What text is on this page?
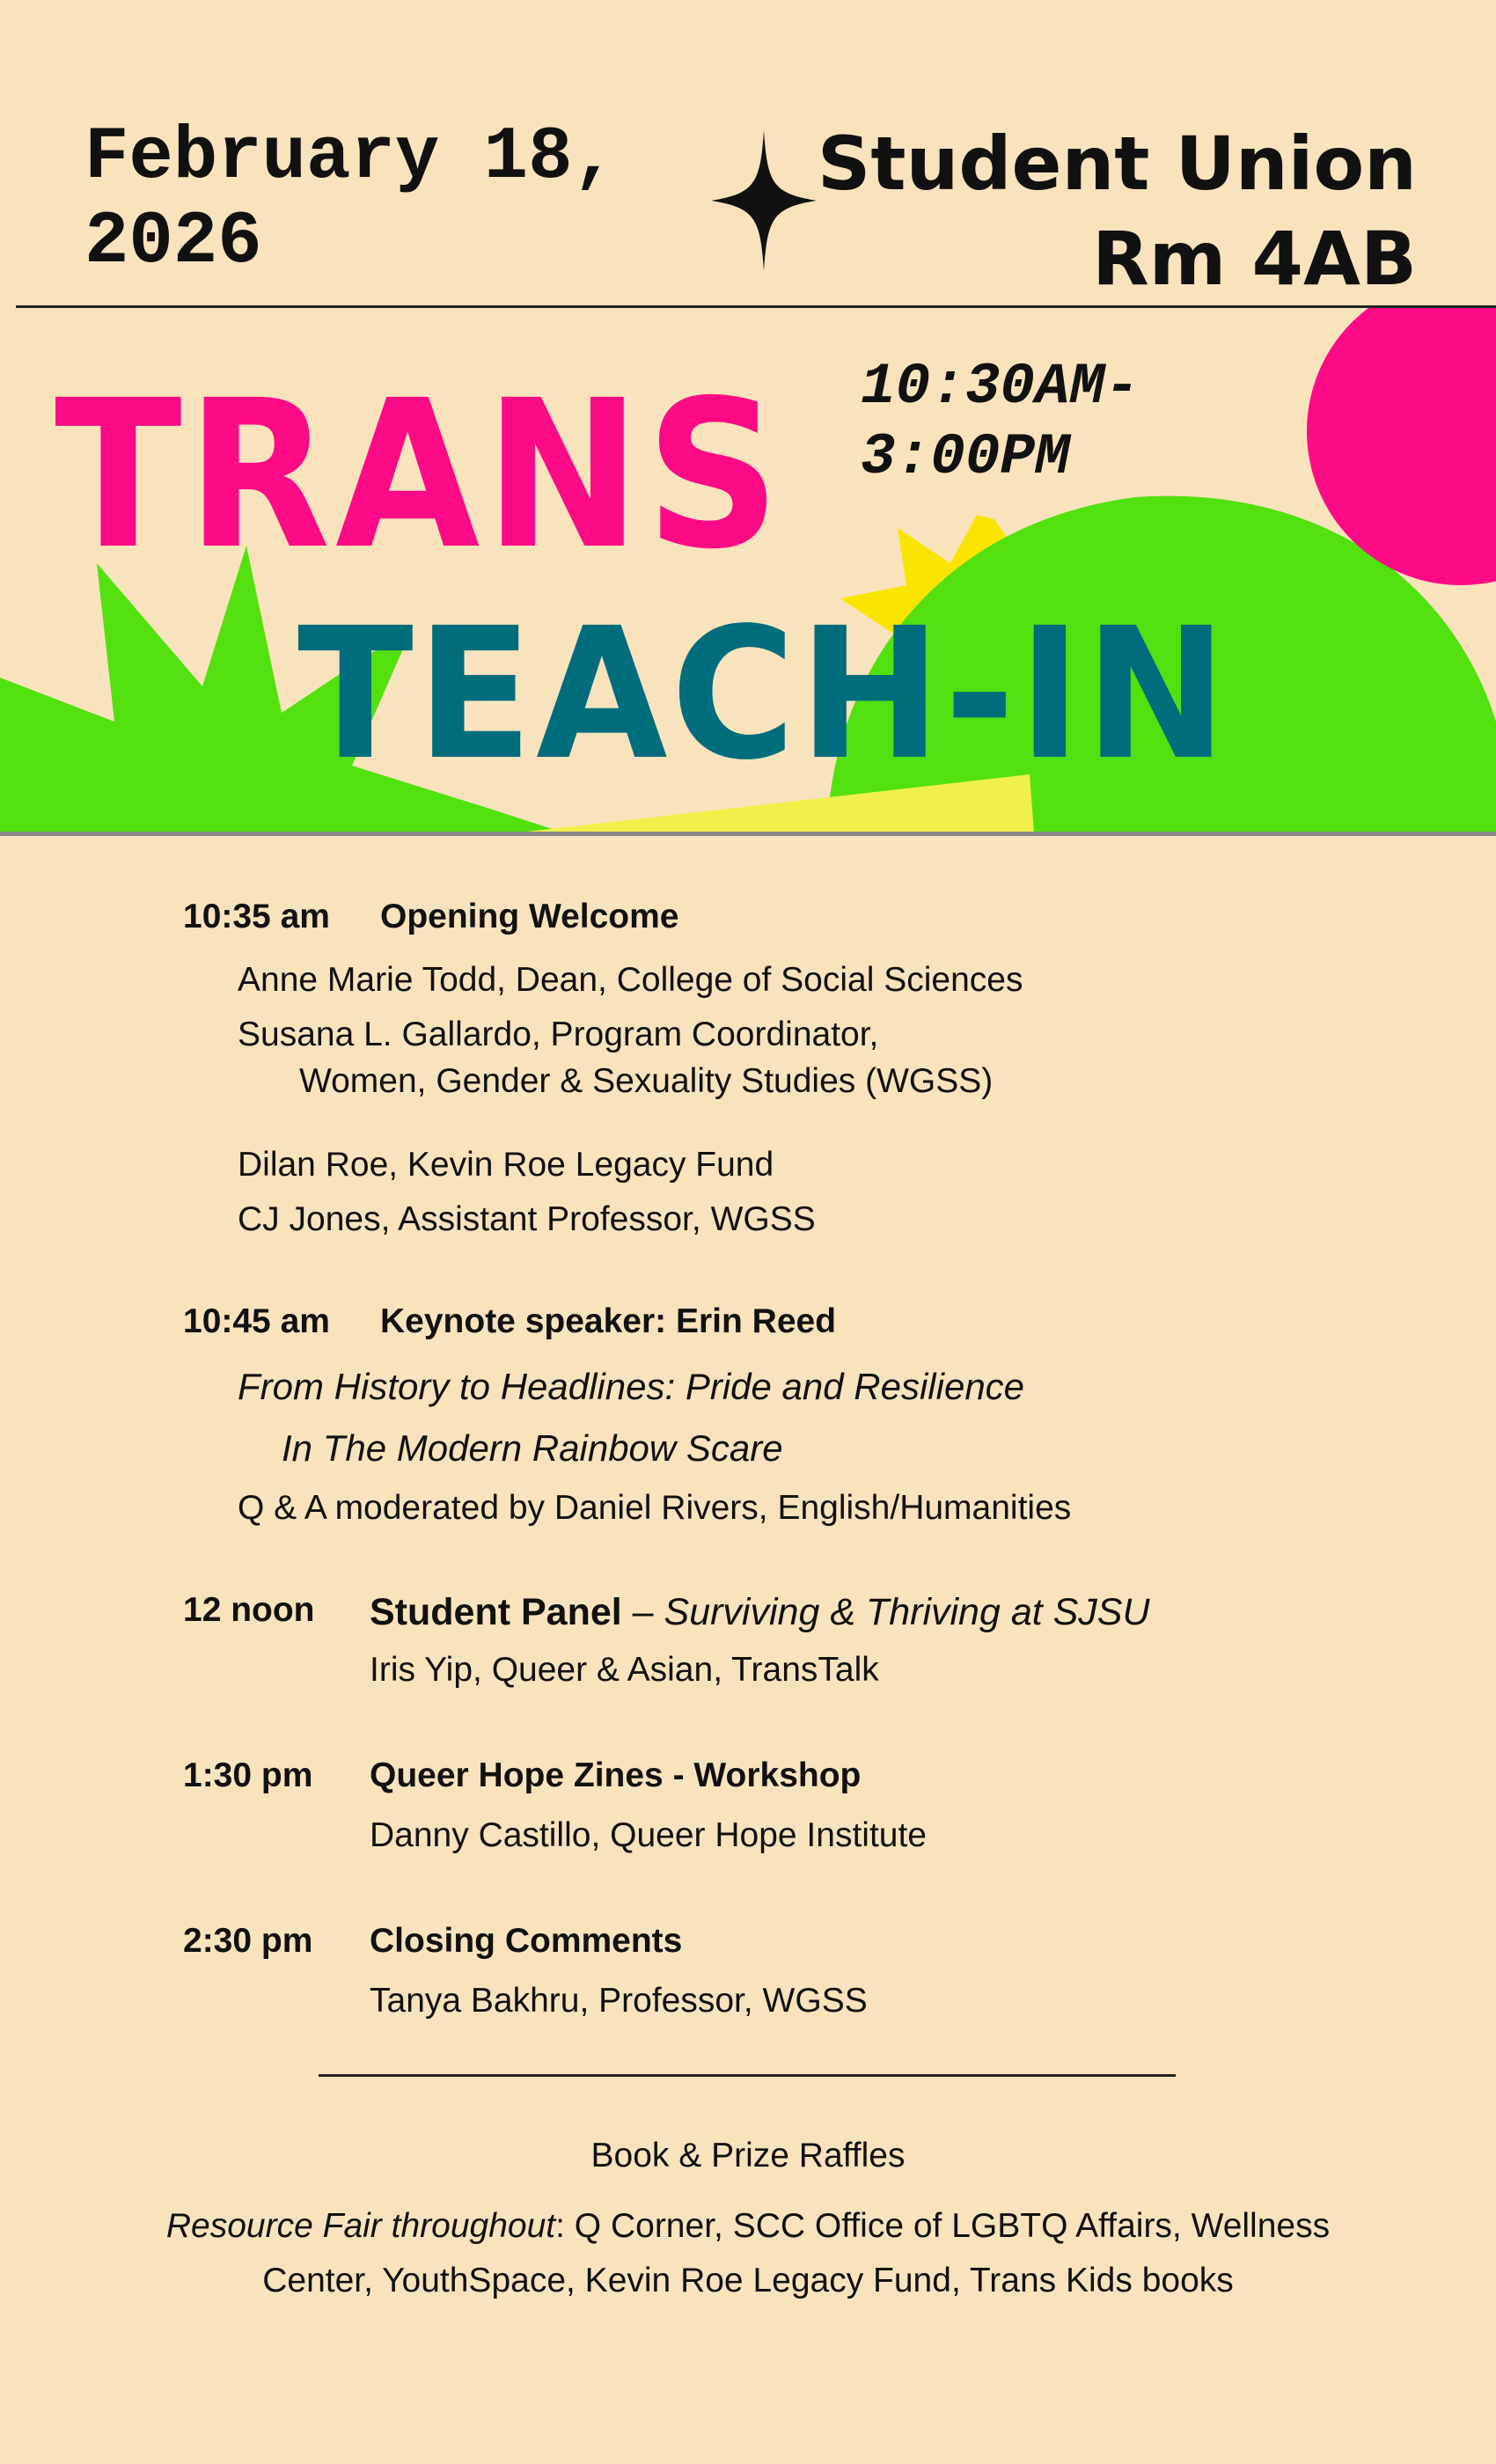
February 18,
2026
Student Union
Rm 4AB
TRANS
TEACH-IN
10:30AM-
3:00PM
10:35 am Opening Welcome
Anne Marie Todd, Dean, College of Social Sciences
Susana L. Gallardo, Program Coordinator,
Women, Gender & Sexuality Studies (WGSS)
Dilan Roe, Kevin Roe Legacy Fund
CJ Jones, Assistant Professor, WGSS
10:45 am Keynote speaker: Erin Reed
From History to Headlines: Pride and Resilience
In The Modern Rainbow Scare
Q & A moderated by Daniel Rivers, English/Humanities
12 noon Student Panel – Surviving & Thriving at SJSU
Iris Yip, Queer & Asian, TransTalk
1:30 pm Queer Hope Zines - Workshop
Danny Castillo, Queer Hope Institute
2:30 pm Closing Comments
Tanya Bakhru, Professor, WGSS
Book & Prize Raffles
Resource Fair throughout: Q Corner, SCC Office of LGBTQ Affairs, Wellness
Center, YouthSpace, Kevin Roe Legacy Fund, Trans Kids books
